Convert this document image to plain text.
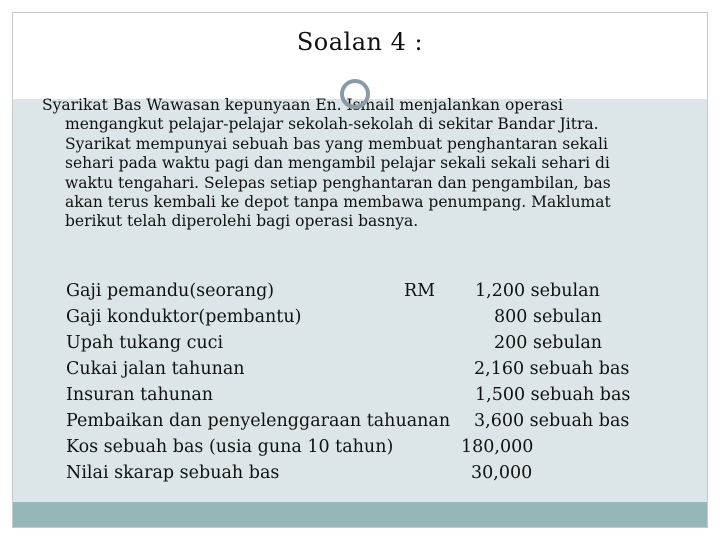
Soalan 4 :
Syarikat Bas Wawasan kepunyaan En. Ismail menjalankan operasi
mengangkut pelajar-pelajar sekolah-sekolah di sekitar Bandar Jitra.
Syarikat mempunyai sebuah bas yang membuat penghantaran sekali
sehari pada waktu pagi dan mengambil pelajar sekali sekali sehari di
waktu tengahari. Selepas setiap penghantaran dan pengambilan, bas
akan terus kembali ke depot tanpa membawa penumpang. Maklumat
berikut telah diperolehi bagi operasi basnya.
Gaji pemandu(seorang)	RM 1,200 sebulan
Gaji konduktor(pembantu)	800 sebulan
Upah tukang cuci	200 sebulan
Cukai jalan tahunan	2,160 sebuah bas
Insuran tahunan	1,500 sebuah bas
Pembaikan dan penyelenggaraan tahuanan 3,600 sebuah bas
Kos sebuah bas (usia guna 10 tahun)	180,000
Nilai skarap sebuah bas	30,000
